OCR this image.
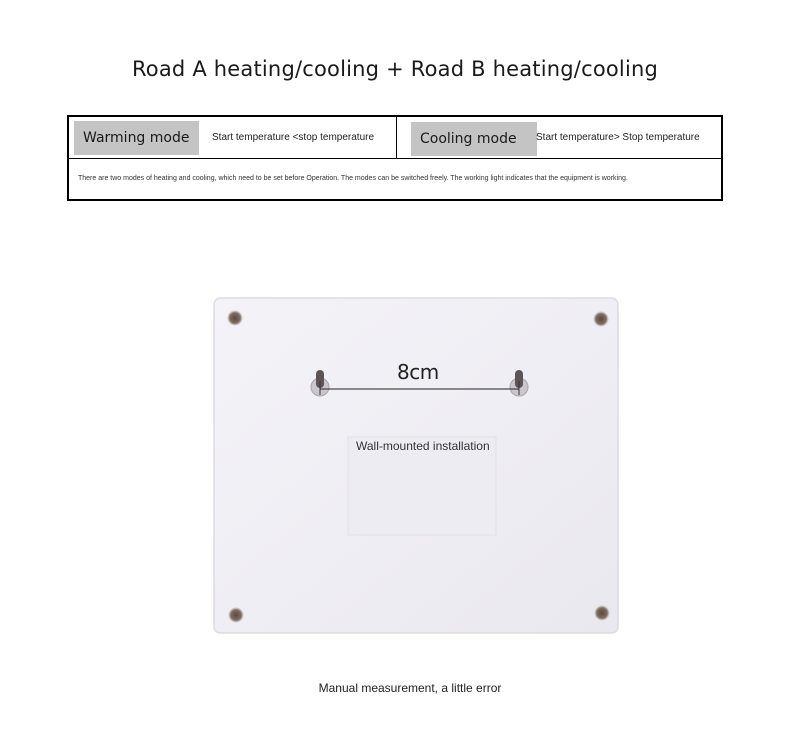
Road A heating/cooling + Road B heating/cooling
Warming mode	Start temperature <stop temperature	Cooling mode	Start temperature> Stop temperature
There are two modes of heating and cooling, which need to be set before Operation. The modes can be switched freely. The working light indicates that the equipment is working.
8cm
Wall-mounted installation
Manual measurement, a little error
